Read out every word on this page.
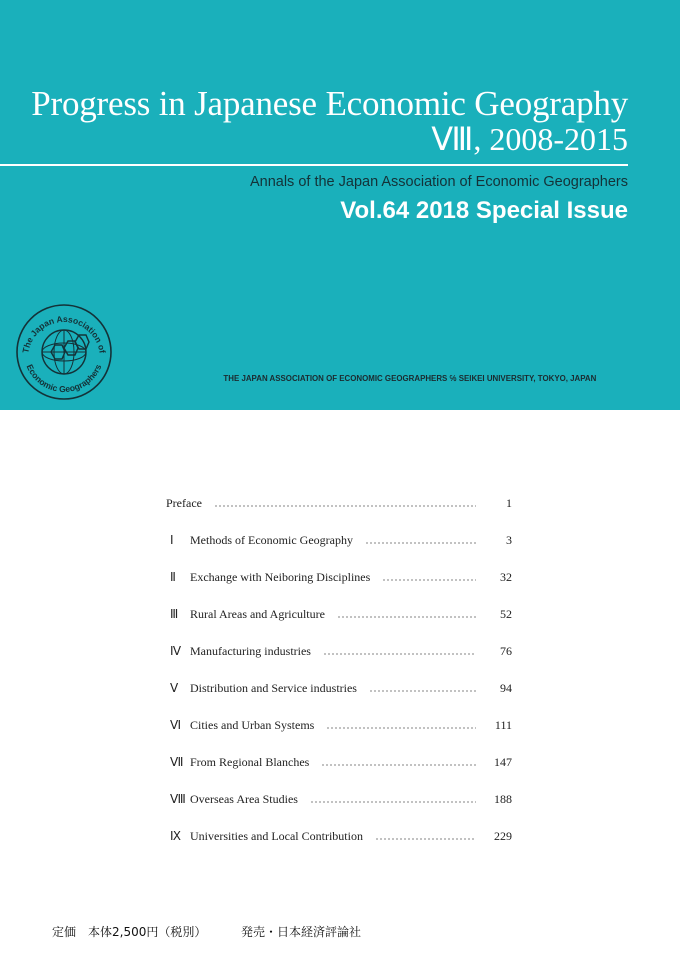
Progress in Japanese Economic Geography
Ⅷ, 2008-2015
Annals of the Japan Association of Economic Geographers
Vol.64 2018 Special Issue
The Japan Association of
Economic Geographers
THE JAPAN ASSOCIATION OF ECONOMIC GEOGRAPHERS ℅ SEIKEI UNIVERSITY, TOKYO, JAPAN
Preface	1
Ⅰ Methods of Economic Geography	3
Ⅱ Exchange with Neiboring Disciplines	32
Ⅲ Rural Areas and Agriculture	52
Ⅳ Manufacturing industries	76
Ⅴ Distribution and Service industries	94
Ⅵ Cities and Urban Systems	111
Ⅶ From Regional Blanches	147
Ⅷ Overseas Area Studies	188
Ⅸ Universities and Local Contribution	229
定価　本体2,500円（税別）	発売・日本経済評論社
